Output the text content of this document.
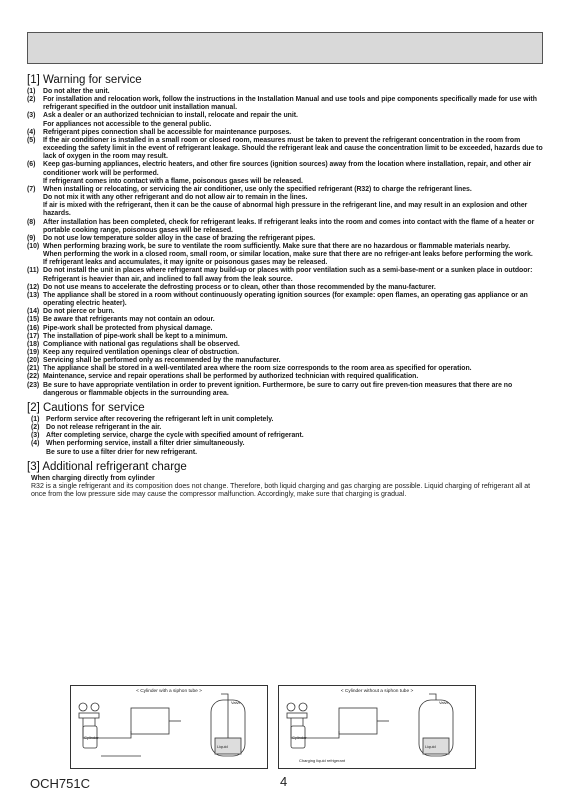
[1] Warning for service
(1)	Do not alter the unit.

(2)	For installation and relocation work, follow the instructions in the Installation Manual and use tools and pipe components specifically made for use with refrigerant specified in the outdoor unit installation manual.

(3)	Ask a dealer or an authorized technician to install, relocate and repair the unit.

For appliances not accessible to the general public.

(4)	Refrigerant pipes connection shall be accessible for maintenance purposes.

(5)	If the air conditioner is installed in a small room or closed room, measures must be taken to prevent the refrigerant concentration in the room from exceeding the safety limit in the event of refrigerant leakage. Should the refrigerant leak and cause the concentration limit to be exceeded, hazards due to lack of oxygen in the room may result.

(6)	Keep gas-burning appliances, electric heaters, and other fire sources (ignition sources) away from the location where installation, repair, and other air conditioner work will be performed.

If refrigerant comes into contact with a flame, poisonous gases will be released.

(7)	When installing or relocating, or servicing the air conditioner, use only the specified refrigerant (R32) to charge the refrigerant lines.

Do not mix it with any other refrigerant and do not allow air to remain in the lines.

If air is mixed with the refrigerant, then it can be the cause of abnormal high pressure in the refrigerant line, and may result in an explosion and other hazards.

(8)	After installation has been completed, check for refrigerant leaks. If refrigerant leaks into the room and comes into contact with the flame of a heater or portable cooking range, poisonous gases will be released.

(9)	Do not use low temperature solder alloy in the case of brazing the refrigerant pipes.

(10) When performing brazing work, be sure to ventilate the room sufficiently. Make sure that there are no hazardous or flammable materials nearby.

When performing the work in a closed room, small room, or similar location, make sure that there are no refriger-ant leaks before performing the work.

If refrigerant leaks and accumulates, it may ignite or poisonous gases may be released.

(11) Do not install the unit in places where refrigerant may build-up or places with poor ventilation such as a semi-base-ment or a sunken place in outdoor: Refrigerant is heavier than air, and inclined to fall away from the leak source.

(12) Do not use means to accelerate the defrosting process or to clean, other than those recommended by the manu-facturer.

(13) The appliance shall be stored in a room without continuously operating ignition sources (for example: open flames, an operating gas appliance or an operating electric heater).

(14) Do not pierce or burn.

(15) Be aware that refrigerants may not contain an odour.

(16) Pipe-work shall be protected from physical damage.

(17) The installation of pipe-work shall be kept to a minimum.

(18) Compliance with national gas regulations shall be observed.

(19) Keep any required ventilation openings clear of obstruction.

(20) Servicing shall be performed only as recommended by the manufacturer.

(21) The appliance shall be stored in a well-ventilated area where the room size corresponds to the room area as specified for operation.

(22) Maintenance, service and repair operations shall be performed by authorized technician with required qualification.

(23) Be sure to have appropriate ventilation in order to prevent ignition. Furthermore, be sure to carry out fire preven-tion measures that there are no dangerous or flammable objects in the surrounding area.

[2] Cautions for service
(1) Perform service after recovering the refrigerant left in unit completely.

(2) Do not release refrigerant in the air.

(3) After completing service, charge the cycle with specified amount of refrigerant.

(4) When performing service, install a filter drier simultaneously.

Be sure to use a filter drier for new refrigerant.

[3] Additional refrigerant charge
When charging directly from cylinder

R32 is a single refrigerant and its composition does not change. Therefore, both liquid charging and gas charging are possible. Liquid charging of refrigerant all at once from the low pressure side may cause the compressor malfunction. Accordingly, make sure that charging is gradual.

< Cylinder with a siphon tube >
Valve
Cylinder
Liquid
< Cylinder without a siphon tube >
Valve
Cylinder
Liquid
Charging liquid refrigerant
OCH751C	4
